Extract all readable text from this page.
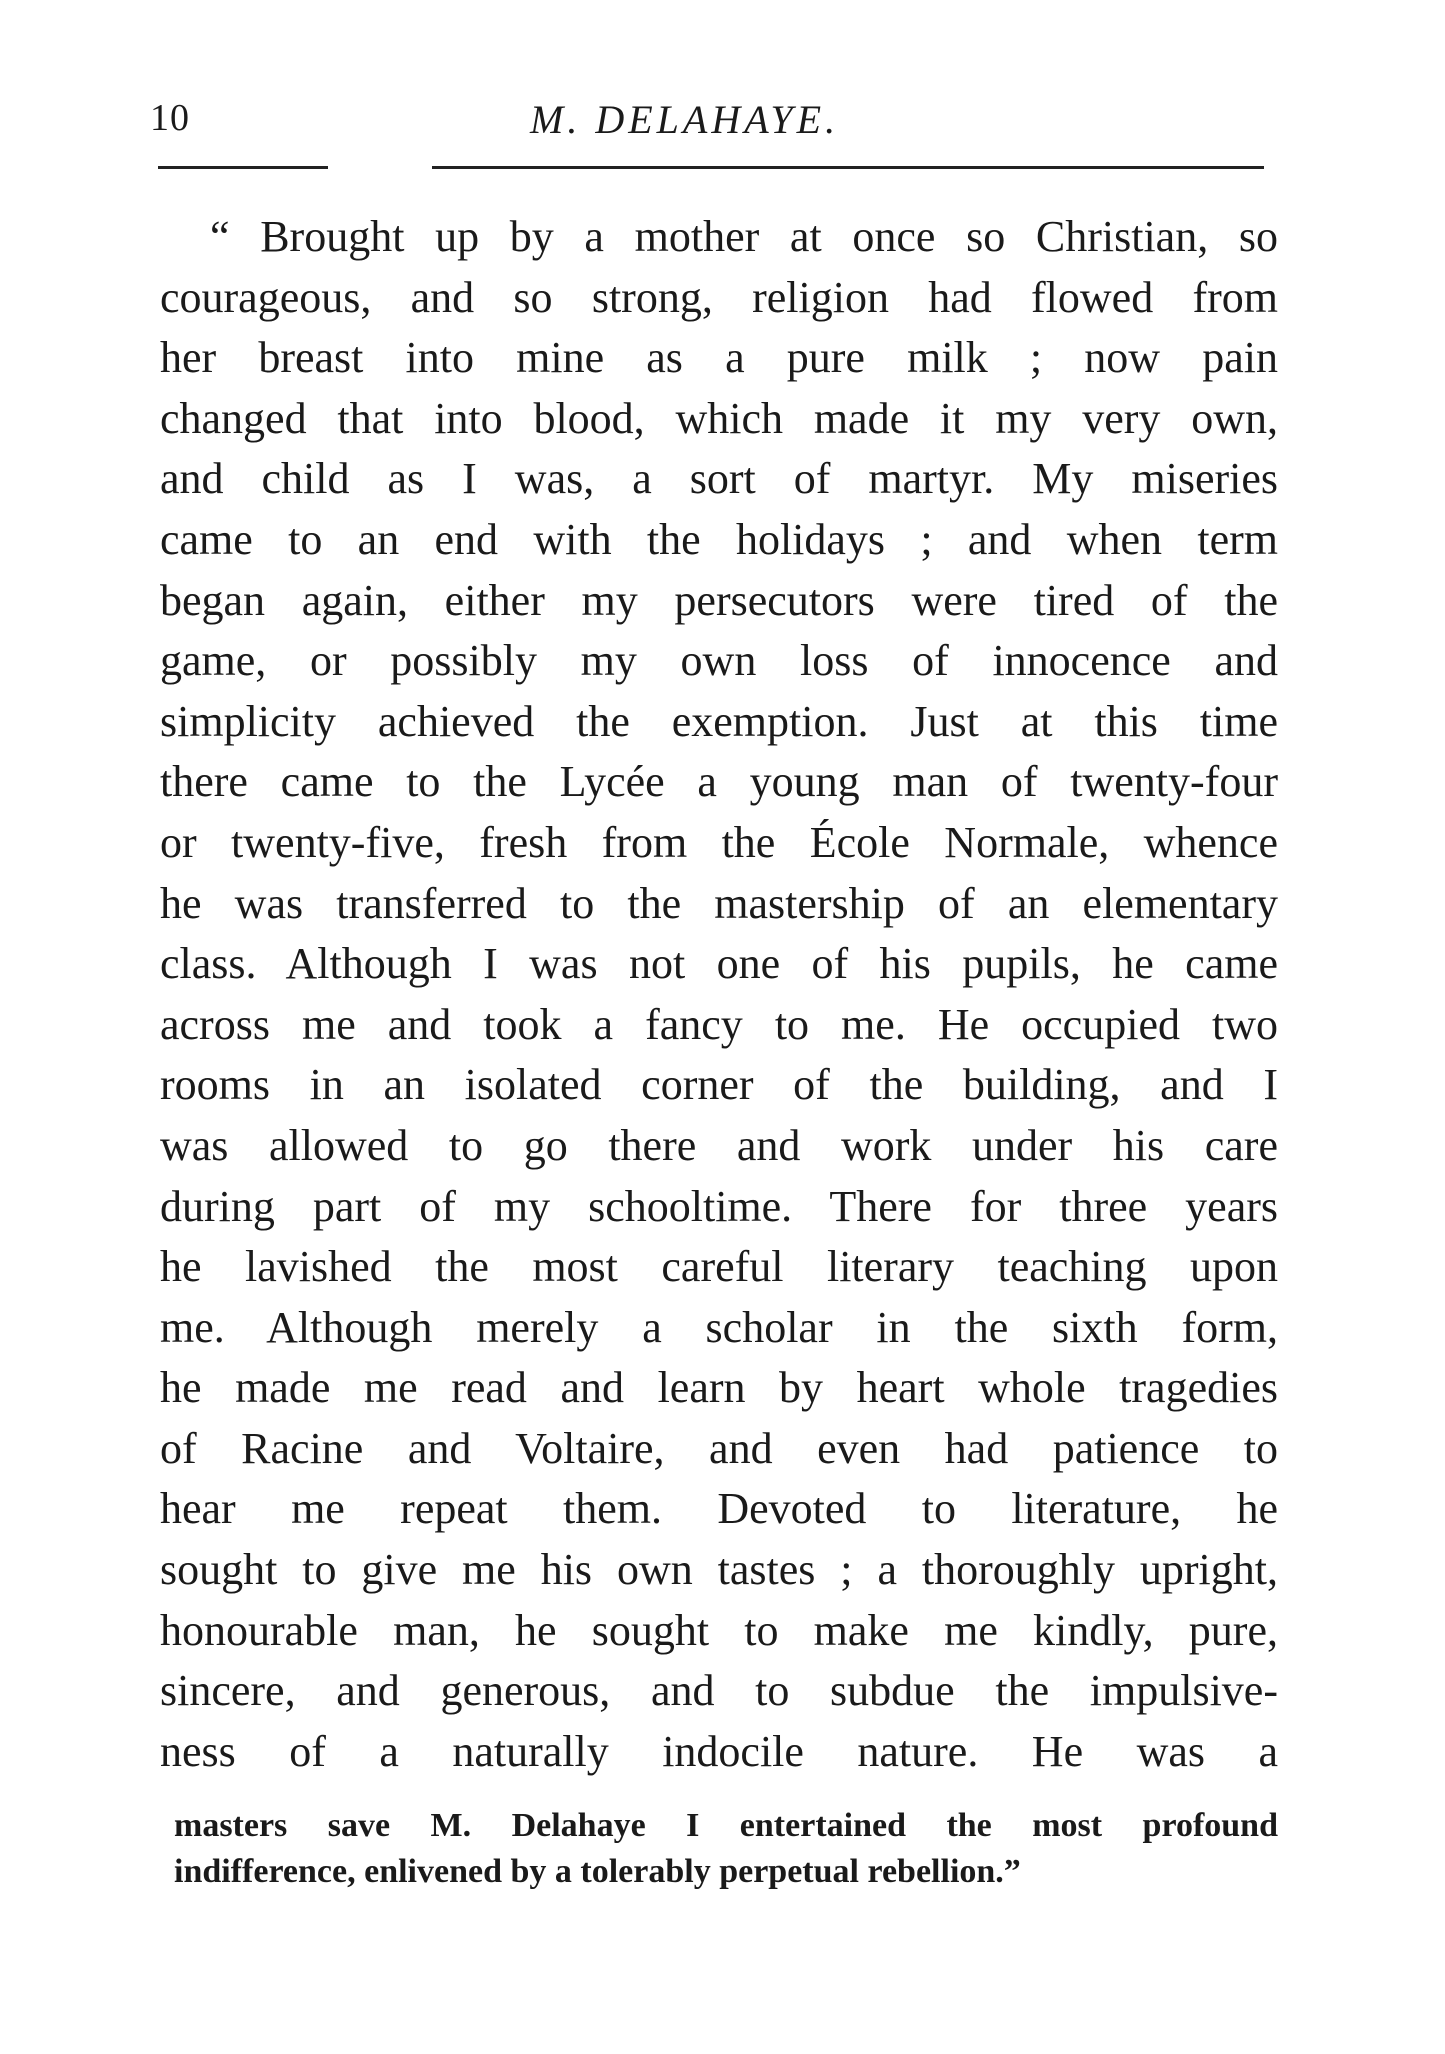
10	M. DELAHAYE.
“ Brought up by a mother at once so Christian, so
courageous, and so strong, religion had flowed from
her breast into mine as a pure milk ; now pain
changed that into blood, which made it my very own,
and child as I was, a sort of martyr. My miseries
came to an end with the holidays ; and when term
began again, either my persecutors were tired of the
game, or possibly my own loss of innocence and
simplicity achieved the exemption. Just at this time
there came to the Lycée a young man of twenty-four
or twenty-five, fresh from the École Normale, whence
he was transferred to the mastership of an elementary
class. Although I was not one of his pupils, he came
across me and took a fancy to me. He occupied two
rooms in an isolated corner of the building, and I
was allowed to go there and work under his care
during part of my schooltime. There for three years
he lavished the most careful literary teaching upon
me. Although merely a scholar in the sixth form,
he made me read and learn by heart whole tragedies
of Racine and Voltaire, and even had patience to
hear me repeat them. Devoted to literature, he
sought to give me his own tastes ; a thoroughly upright,
honourable man, he sought to make me kindly, pure,
sincere, and generous, and to subdue the impulsive-
ness of a naturally indocile nature. He was a
masters save M. Delahaye I entertained the most profound
indifference, enlivened by a tolerably perpetual rebellion.”
